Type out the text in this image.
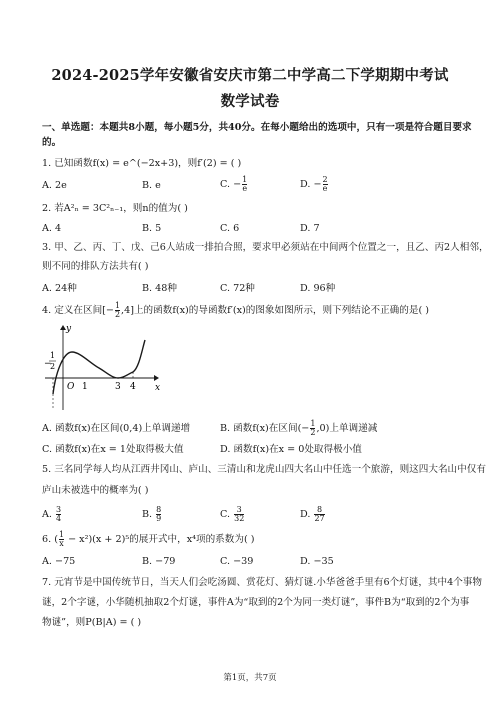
2024-2025学年安徽省安庆市第二中学高二下学期期中考试
数学试卷
一、单选题：本题共8小题，每小题5分，共40分。在每小题给出的选项中，只有一项是符合题目要求
的。
1. 已知函数f(x) = e^(−2x+3)，则f′(2) = ( )
A. 2e	B. e	C. − $\frac{1}{e}$	D. − $\frac{2}{e}$
2. 若A²ₙ = 3C²ₙ₋₁，则n的值为( )
A. 4	B. 5	C. 6	D. 7
3. 甲、乙、丙、丁、戊、己6人站成一排拍合照，要求甲必须站在中间两个位置之一，且乙、丙2人相邻，
则不同的排队方法共有( )
A. 24种	B. 48种	C. 72种	D. 96种
4. 定义在区间[− $\frac{1}{2} ,4$]上的函数f(x)的导函数f′(x)的图象如图所示，则下列结论不正确的是( )
y
x
O 1	3 4
−
1
2
A. 函数f(x)在区间(0,4)上单调递增	B. 函数f(x)在区间(− $\frac{1}{2} ,0$)上单调递减
C. 函数f(x)在x = 1处取得极大值	D. 函数f(x)在x = 0处取得极小值
5. 三名同学每人均从江西井冈山、庐山、三清山和龙虎山四大名山中任选一个旅游，则这四大名山中仅有
庐山未被选中的概率为( )
A. $\frac{3}{4}$	B. $\frac{8}{9}$	C. $\frac{3}{32}$	D. $\frac{8}{27}$
6. ( $\frac{1}{x} - x^2)(x + 2)^5$的展开式中，x⁴项的系数为( )
A. −75	B. −79	C. −39	D. −35
7. 元宵节是中国传统节日，当天人们会吃汤圆、赏花灯、猜灯谜.小华爸爸手里有6个灯谜，其中4个事物
谜，2个字谜，小华随机抽取2个灯谜，事件A为“取到的2个为同一类灯谜”，事件B为“取到的2个为事
物谜”，则P(B|A) = ( )
第1页，共7页
